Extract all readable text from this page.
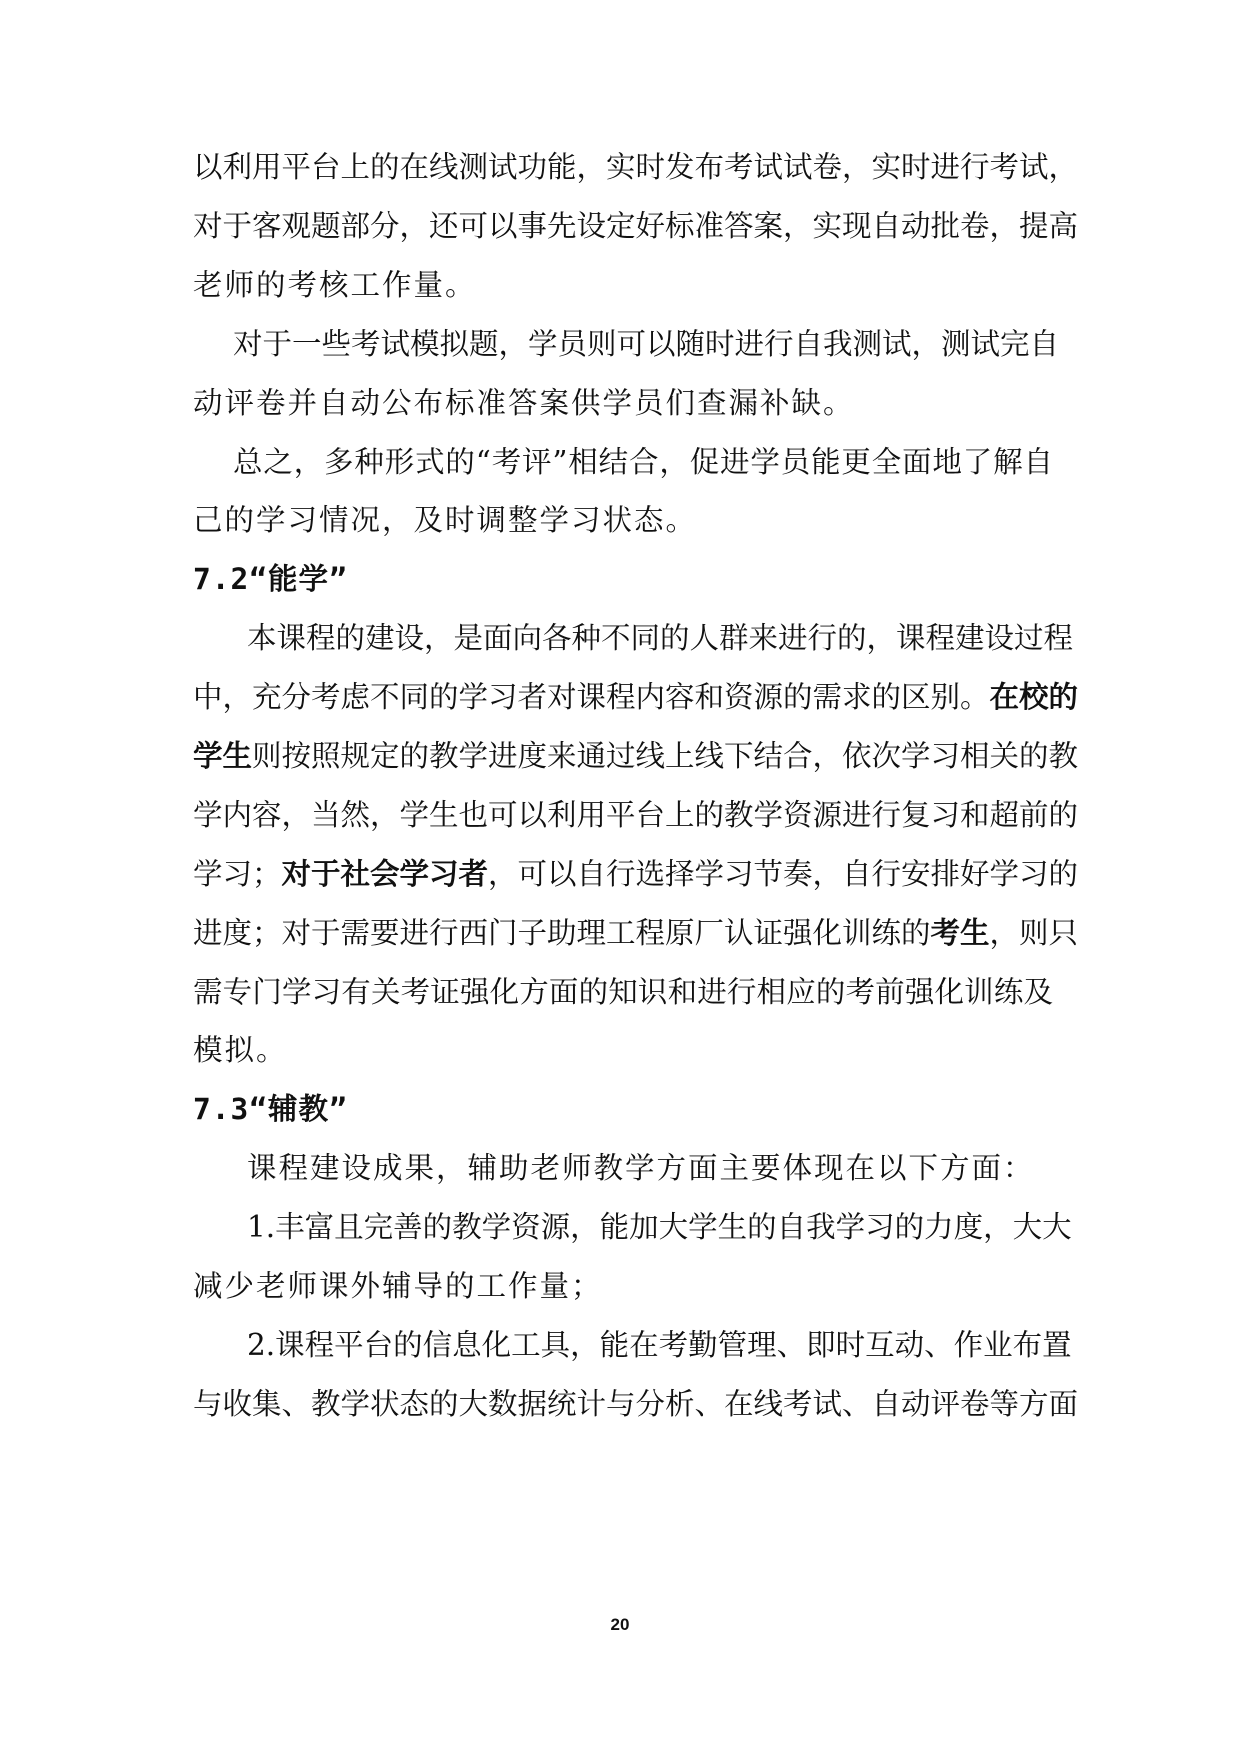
以利用平台上的在线测试功能，实时发布考试试卷，实时进行考试，
对于客观题部分，还可以事先设定好标准答案，实现自动批卷，提高
老师的考核工作量。
对于一些考试模拟题，学员则可以随时进行自我测试，测试完自
动评卷并自动公布标准答案供学员们查漏补缺。
总之，多种形式的“考评”相结合，促进学员能更全面地了解自
己的学习情况，及时调整学习状态。
7.2“能学”
本课程的建设，是面向各种不同的人群来进行的，课程建设过程
中，充分考虑不同的学习者对课程内容和资源的需求的区别。在校的
学生则按照规定的教学进度来通过线上线下结合，依次学习相关的教
学内容，当然，学生也可以利用平台上的教学资源进行复习和超前的
学习；对于社会学习者，可以自行选择学习节奏，自行安排好学习的
进度；对于需要进行西门子助理工程原厂认证强化训练的考生，则只
需专门学习有关考证强化方面的知识和进行相应的考前强化训练及
模拟。
7.3“辅教”
课程建设成果，辅助老师教学方面主要体现在以下方面：
1.丰富且完善的教学资源，能加大学生的自我学习的力度，大大
减少老师课外辅导的工作量；
2.课程平台的信息化工具，能在考勤管理、即时互动、作业布置
与收集、教学状态的大数据统计与分析、在线考试、自动评卷等方面
20
